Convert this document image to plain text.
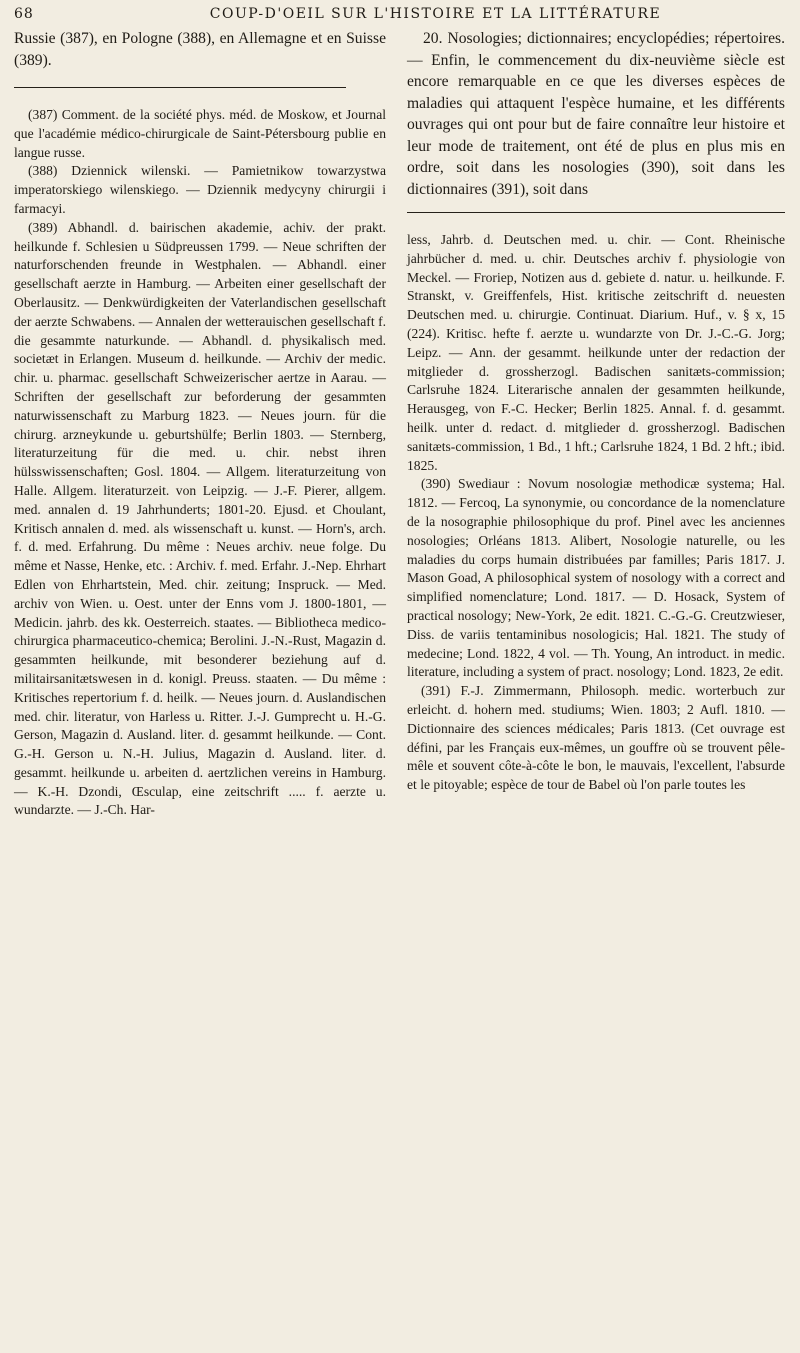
68	COUP-D'OEIL SUR L'HISTOIRE ET LA LITTÉRATURE

Russie (387), en Pologne (388), en Allemagne et en Suisse (389).

(387) Comment. de la société phys. méd. de Moskow, et Journal que l'académie médico-chirurgicale de Saint-Pétersbourg publie en langue russe.

(388) Dziennick wilenski. — Pamietnikow towarzystwa imperatorskiego wilenskiego. — Dziennik medycyny chirurgii i farmacyi.

(389) Abhandl. d. bairischen akademie, achiv. der prakt. heilkunde f. Schlesien u Südpreussen 1799. — Neue schriften der naturforschenden freunde in Westphalen. — Abhandl. einer gesellschaft aerzte in Hamburg. — Arbeiten einer gesellschaft der Oberlausitz. — Denkwürdigkeiten der Vaterlandischen gesellschaft der aerzte Schwabens. — Annalen der wetterauischen gesellschaft f. die gesammte naturkunde. — Abhandl. d. physikalisch med. societæt in Erlangen. Museum d. heilkunde. — Archiv der medic. chir. u. pharmac. gesellschaft Schweizerischer aertze in Aarau. — Schriften der gesellschaft zur beforderung der gesammten naturwissenschaft zu Marburg 1823. — Neues journ. für die chirurg. arzneykunde u. geburtshülfe; Berlin 1803. — Sternberg, literaturzeitung für die med. u. chir. nebst ihren hülsswissenschaften; Gosl. 1804. — Allgem. literaturzeitung von Halle. Allgem. literaturzeit. von Leipzig. — J.-F. Pierer, allgem. med. annalen d. 19 Jahrhunderts; 1801-20. Ejusd. et Choulant, Kritisch annalen d. med. als wissenschaft u. kunst. — Horn's, arch. f. d. med. Erfahrung. Du même : Neues archiv. neue folge. Du même et Nasse, Henke, etc. : Archiv. f. med. Erfahr. J.-Nep. Ehrhart Edlen von Ehrhartstein, Med. chir. zeitung; Inspruck. — Med. archiv von Wien. u. Oest. unter der Enns vom J. 1800-1801, — Medicin. jahrb. des kk. Oesterreich. staates. — Bibliotheca medico-chirurgica pharmaceutico-chemica; Berolini. J.-N.-Rust, Magazin d. gesammten heilkunde, mit besonderer beziehung auf d. militairsanitætswesen in d. konigl. Preuss. staaten. — Du même : Kritisches repertorium f. d. heilk. — Neues journ. d. Auslandischen med. chir. literatur, von Harless u. Ritter. J.-J. Gumprecht u. H.-G. Gerson, Magazin d. Ausland. liter. d. gesammt heilkunde. — Cont. G.-H. Gerson u. N.-H. Julius, Magazin d. Ausland. liter. d. gesammt. heilkunde u. arbeiten d. aertzlichen vereins in Hamburg. — K.-H. Dzondi, Œsculap, eine zeitschrift ..... f. aerzte u. wundarzte. — J.-Ch. Har-

20. Nosologies; dictionnaires; encyclopédies; répertoires. — Enfin, le commencement du dix-neuvième siècle est encore remarquable en ce que les diverses espèces de maladies qui attaquent l'espèce humaine, et les différents ouvrages qui ont pour but de faire connaître leur histoire et leur mode de traitement, ont été de plus en plus mis en ordre, soit dans les nosologies (390), soit dans les dictionnaires (391), soit dans

less, Jahrb. d. Deutschen med. u. chir. — Cont. Rheinische jahrbücher d. med. u. chir. Deutsches archiv f. physiologie von Meckel. — Froriep, Notizen aus d. gebiete d. natur. u. heilkunde. F. Stranskt, v. Greiffenfels, Hist. kritische zeitschrift d. neuesten Deutschen med. u. chirurgie. Continuat. Diarium. Huf., v. § x, 15 (224). Kritisc. hefte f. aerzte u. wundarzte von Dr. J.-C.-G. Jorg; Leipz. — Ann. der gesammt. heilkunde unter der redaction der mitglieder d. grossherzogl. Badischen sanitæts-commission; Carlsruhe 1824. Literarische annalen der gesammten heilkunde, Herausgeg, von F.-C. Hecker; Berlin 1825. Annal. f. d. gesammt. heilk. unter d. redact. d. mitglieder d. grossherzogl. Badischen sanitæts-commission, 1 Bd., 1 hft.; Carlsruhe 1824, 1 Bd. 2 hft.; ibid. 1825.

(390) Swediaur : Novum nosologiæ methodicæ systema; Hal. 1812. — Fercoq, La synonymie, ou concordance de la nomenclature de la nosographie philosophique du prof. Pinel avec les anciennes nosologies; Orléans 1813. Alibert, Nosologie naturelle, ou les maladies du corps humain distribuées par familles; Paris 1817. J. Mason Goad, A philosophical system of nosology with a correct and simplified nomenclature; Lond. 1817. — D. Hosack, System of practical nosology; New-York, 2e edit. 1821. C.-G.-G. Creutzwieser, Diss. de variis tentaminibus nosologicis; Hal. 1821. The study of medecine; Lond. 1822, 4 vol. — Th. Young, An introduct. in medic. literature, including a system of pract. nosology; Lond. 1823, 2e edit.

(391) F.-J. Zimmermann, Philosoph. medic. worterbuch zur erleicht. d. hohern med. studiums; Wien. 1803; 2 Aufl. 1810. — Dictionnaire des sciences médicales; Paris 1813. (Cet ouvrage est défini, par les Français eux-mêmes, un gouffre où se trouvent pêle-mêle et souvent côte-à-côte le bon, le mauvais, l'excellent, l'absurde et le pitoyable; espèce de tour de Babel où l'on parle toutes les
